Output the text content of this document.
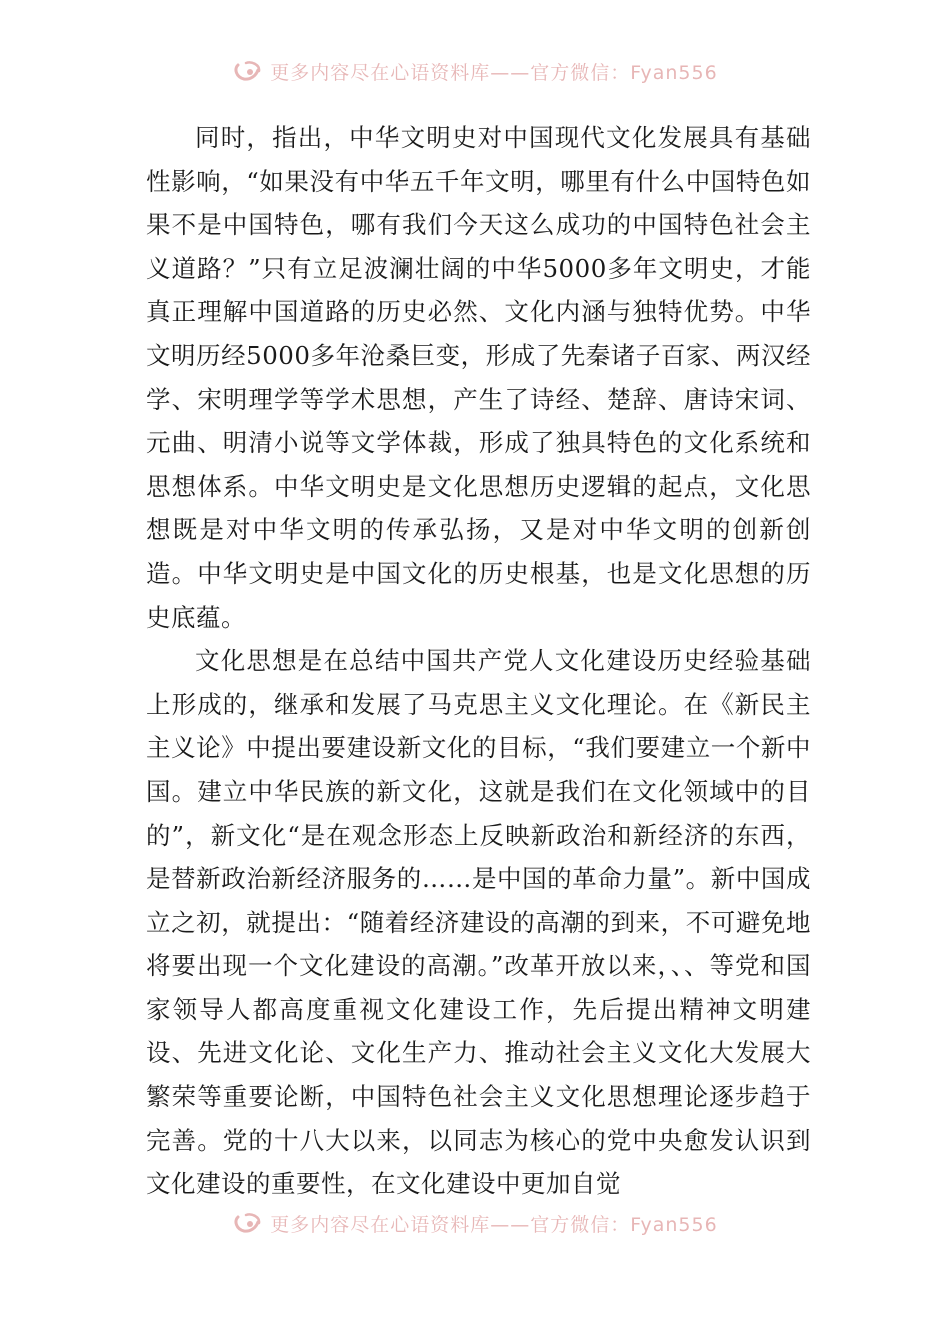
更多内容尽在心语资料库——官方微信：Fyan556

同时，指出，中华文明史对中国现代文化发展具有基础性影响，“如果没有中华五千年文明，哪里有什么中国特色如果不是中国特色，哪有我们今天这么成功的中国特色社会主义道路？”只有立足波澜壮阔的中华5000多年文明史，才能真正理解中国道路的历史必然、文化内涵与独特优势。中华文明历经5000多年沧桑巨变，形成了先秦诸子百家、两汉经学、宋明理学等学术思想，产生了诗经、楚辞、唐诗宋词、元曲、明清小说等文学体裁，形成了独具特色的文化系统和思想体系。中华文明史是文化思想历史逻辑的起点，文化思想既是对中华文明的传承弘扬，又是对中华文明的创新创造。中华文明史是中国文化的历史根基，也是文化思想的历史底蕴。

文化思想是在总结中国共产党人文化建设历史经验基础上形成的，继承和发展了马克思主义文化理论。在《新民主主义论》中提出要建设新文化的目标，“我们要建立一个新中国。建立中华民族的新文化，这就是我们在文化领域中的目的”，新文化“是在观念形态上反映新政治和新经济的东西，是替新政治新经济服务的……是中国的革命力量”。新中国成立之初，就提出：“随着经济建设的高潮的到来，不可避免地将要出现一个文化建设的高潮。”改革开放以来，、、等党和国家领导人都高度重视文化建设工作，先后提出精神文明建设、先进文化论、文化生产力、推动社会主义文化大发展大繁荣等重要论断，中国特色社会主义文化思想理论逐步趋于完善。党的十八大以来，以同志为核心的党中央愈发认识到文化建设的重要性，在文化建设中更加自觉

更多内容尽在心语资料库——官方微信：Fyan556
